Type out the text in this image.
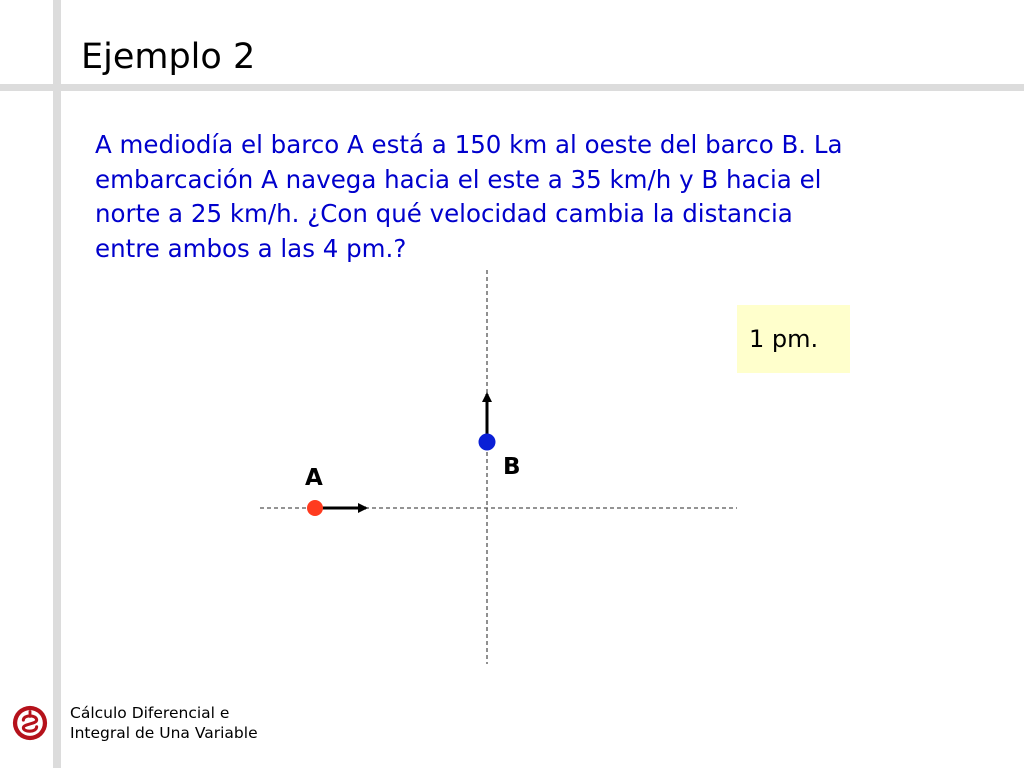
Ejemplo 2

A mediodía el barco A está a 150 km al oeste del barco B. La

embarcación A navega hacia el este a 35 km/h y B hacia el

norte a 25 km/h. ¿Con qué velocidad cambia la distancia

entre ambos a las 4 pm.?

1 pm.
A	B
Cálculo Diferencial e
Integral de Una Variable
